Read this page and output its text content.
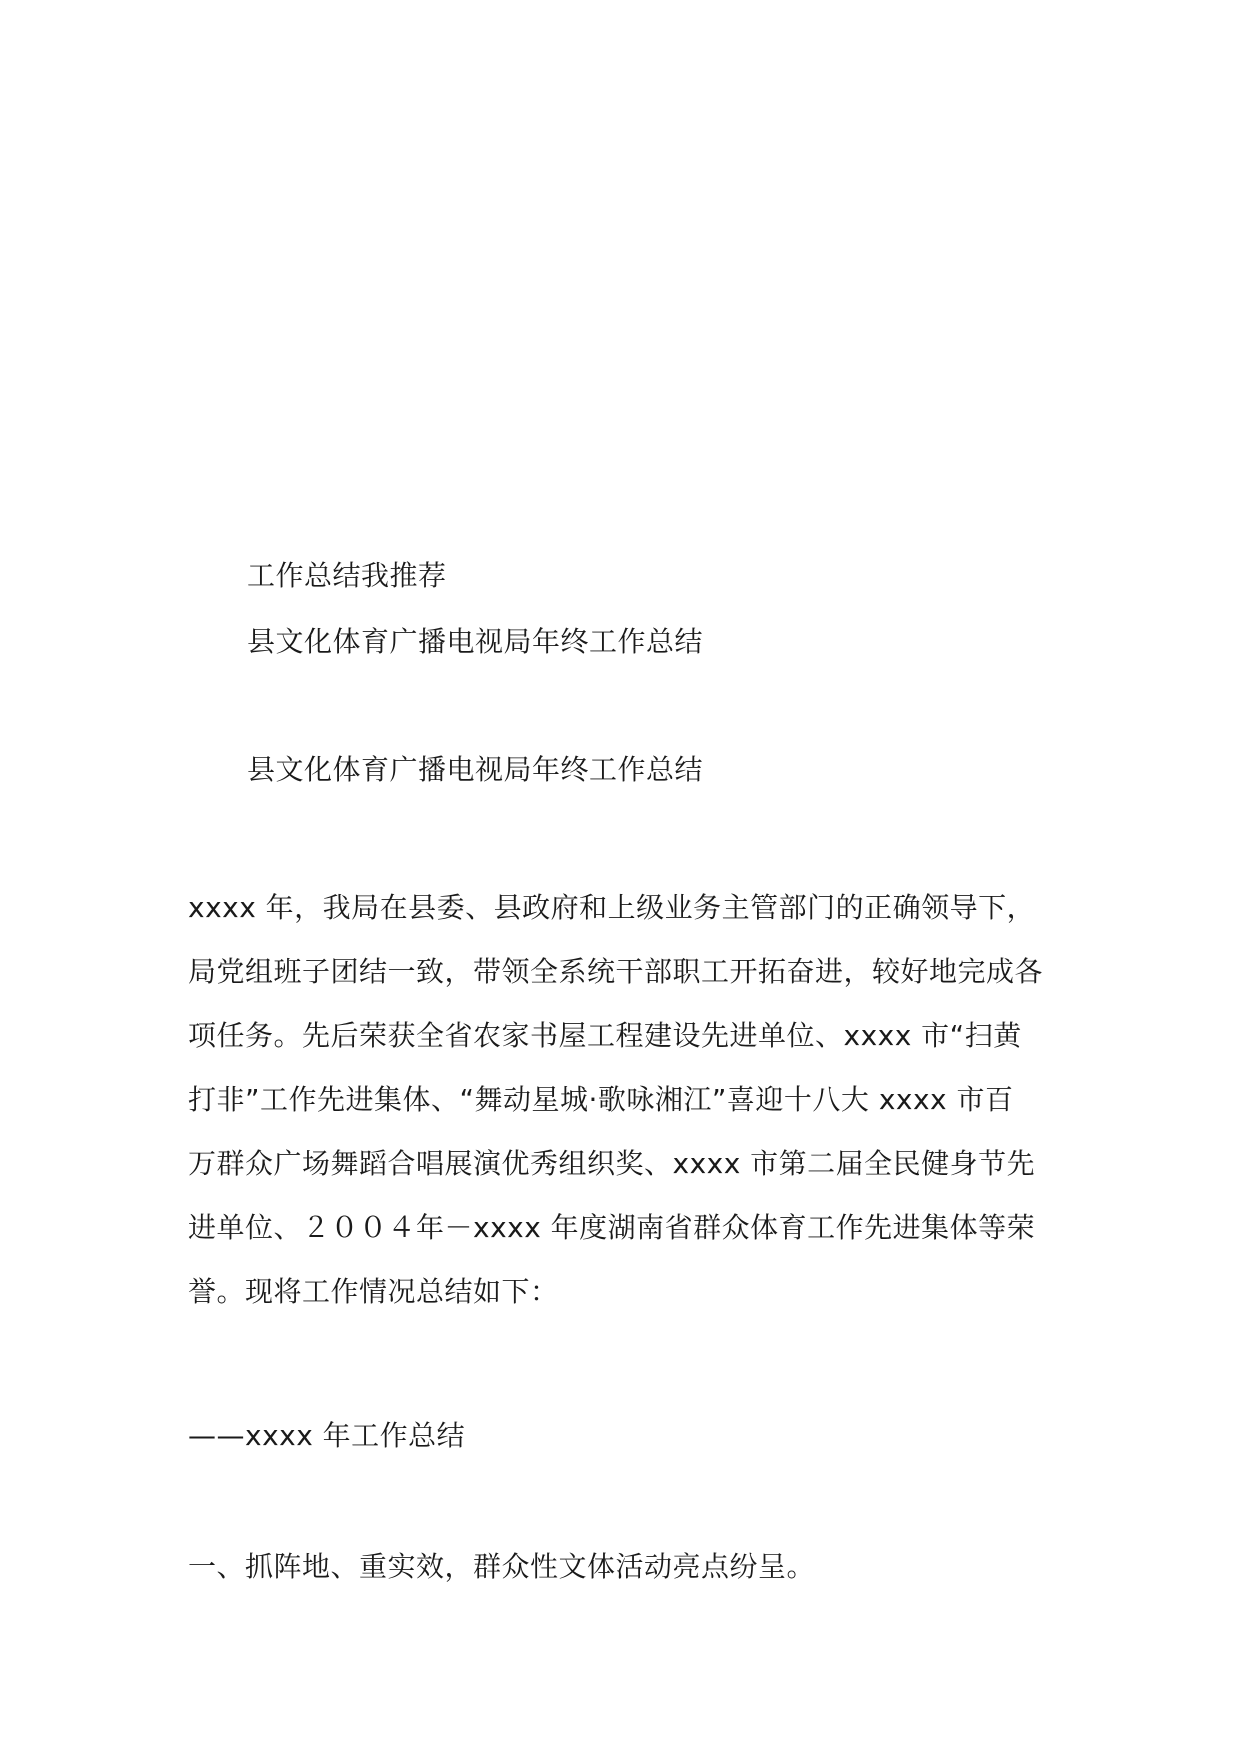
工作总结我推荐
县文化体育广播电视局年终工作总结
县文化体育广播电视局年终工作总结
xxxx 年，我局在县委、县政府和上级业务主管部门的正确领导下，
局党组班子团结一致，带领全系统干部职工开拓奋进，较好地完成各
项任务。先后荣获全省农家书屋工程建设先进单位、xxxx 市“扫黄
打非”工作先进集体、“舞动星城·歌咏湘江”喜迎十八大 xxxx 市百
万群众广场舞蹈合唱展演优秀组织奖、xxxx 市第二届全民健身节先
进单位、２００４年－xxxx 年度湖南省群众体育工作先进集体等荣
誉。现将工作情况总结如下：
——xxxx 年工作总结
一、抓阵地、重实效，群众性文体活动亮点纷呈。
